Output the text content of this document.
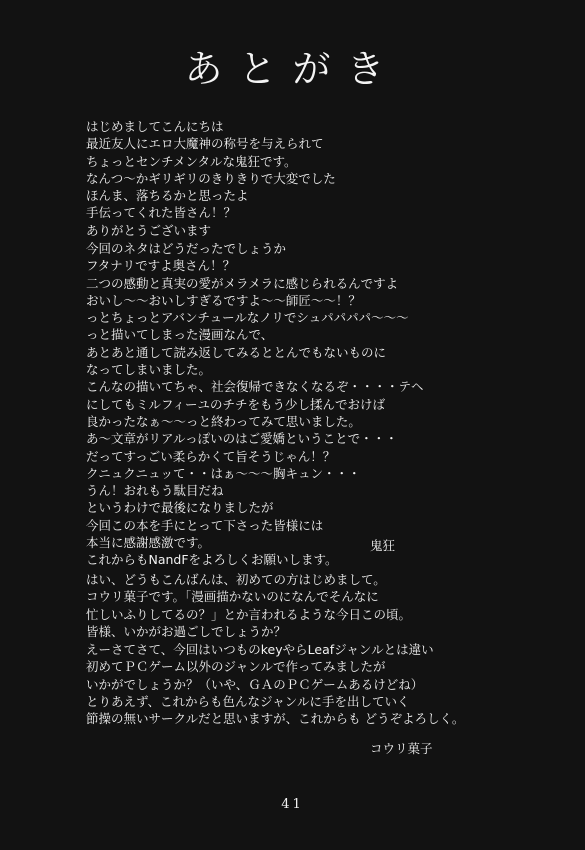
あとがき
はじめましてこんにちは
最近友人にエロ大魔神の称号を与えられて
ちょっとセンチメンタルな鬼狂です。
なんつ～かギリギリのきりきりで大変でした
ほんま、落ちるかと思ったよ
手伝ってくれた皆さん！？
ありがとうございます
今回のネタはどうだったでしょうか
フタナリですよ奥さん！？
二つの感動と真実の愛がメラメラに感じられるんですよ
おいし～～おいしすぎるですよ～～師匠～～！？
っとちょっとアバンチュールなノリでシュパパパパ～～～
っと描いてしまった漫画なんで、
あとあと通して読み返してみるととんでもないものに
なってしまいました。
こんなの描いてちゃ、社会復帰できなくなるぞ・・・・テヘ
にしてもミルフィーユのチチをもう少し揉んでおけば
良かったなぁ～～っと終わってみて思いました。
あ～文章がリアルっぽいのはご愛嬌ということで・・・
だってすっごい柔らかくて旨そうじゃん！？
クニュクニュッて・・はぁ～～～胸キュン・・・
うん！おれもう駄目だね
というわけで最後になりましたが
今回この本を手にとって下さった皆様には
本当に感謝感激です。
これからもNandFをよろしくお願いします。
鬼狂
はい、どうもこんばんは、初めての方はじめまして。
コウリ菓子です。「漫画描かないのになんでそんなに
忙しいふりしてるの？」とか言われるような今日この頃。
皆様、いかがお過ごしでしょうか？
えーさてさて、今回はいつものkeyやらLeafジャンルとは違い
初めてＰＣゲーム以外のジャンルで作ってみましたが
いかがでしょうか？（いや、ＧＡのＰＣゲームあるけどね）
とりあえず、これからも色んなジャンルに手を出していく
節操の無いサークルだと思いますが、これからも どうぞよろしく。
コウリ菓子
41
